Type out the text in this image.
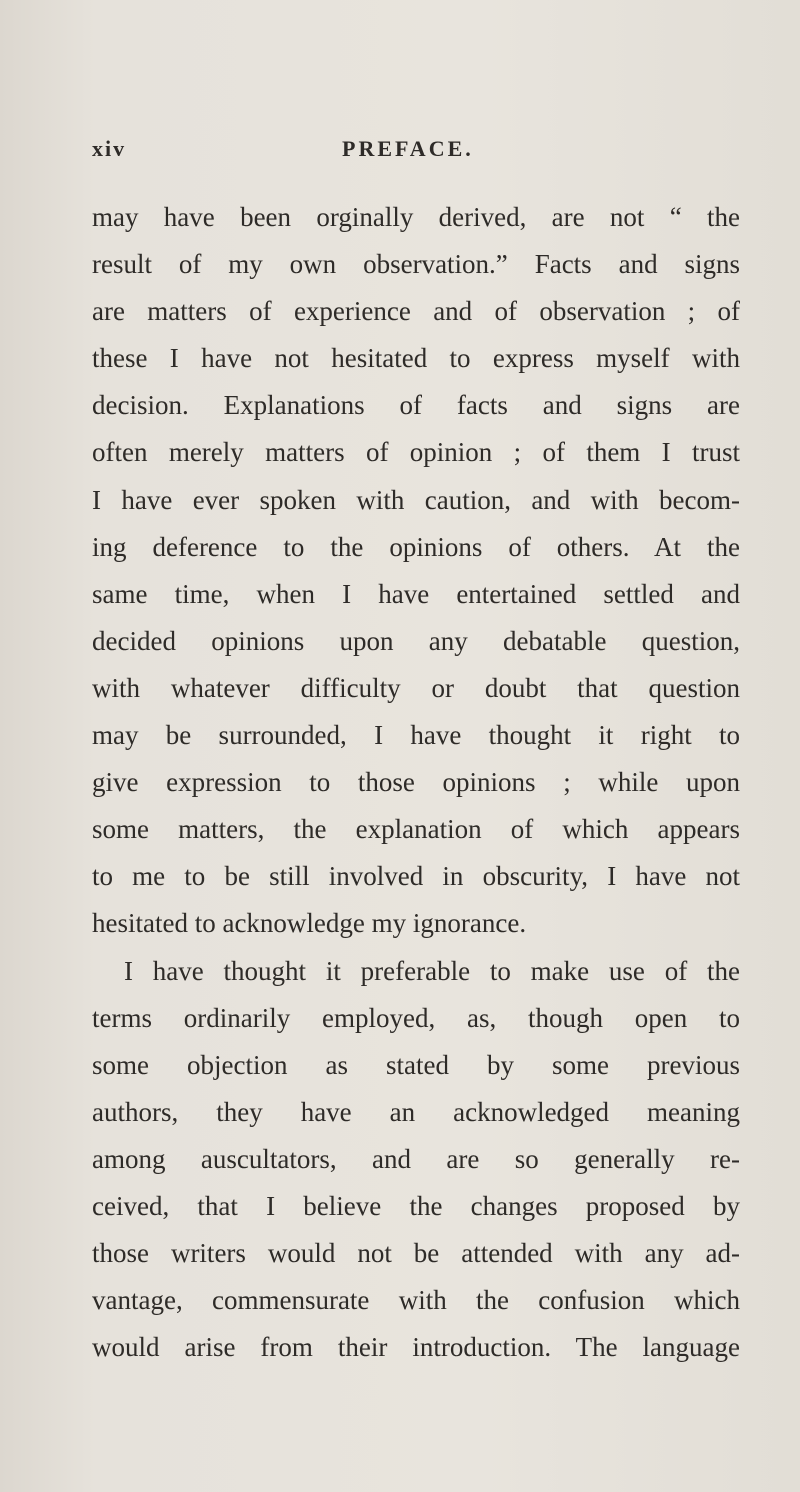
xiv	PREFACE.
may have been orginally derived, are not “ the
result of my own observation.” Facts and signs
are matters of experience and of observation ; of
these I have not hesitated to express myself with
decision. Explanations of facts and signs are
often merely matters of opinion ; of them I trust
I have ever spoken with caution, and with becom-
ing deference to the opinions of others. At the
same time, when I have entertained settled and
decided opinions upon any debatable question,
with whatever difficulty or doubt that question
may be surrounded, I have thought it right to
give expression to those opinions ; while upon
some matters, the explanation of which appears
to me to be still involved in obscurity, I have not
hesitated to acknowledge my ignorance.
I have thought it preferable to make use of the
terms ordinarily employed, as, though open to
some objection as stated by some previous
authors, they have an acknowledged meaning
among auscultators, and are so generally re-
ceived, that I believe the changes proposed by
those writers would not be attended with any ad-
vantage, commensurate with the confusion which
would arise from their introduction. The language
